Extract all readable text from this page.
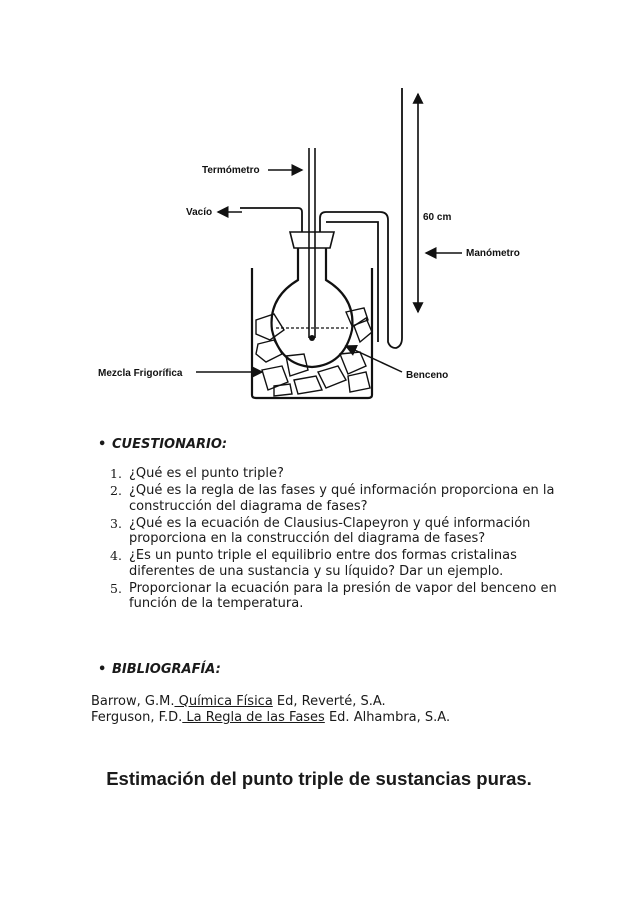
Termómetro
Vacío	60 cm
Manómetro
Mezcla Frigorífica	Benceno
• CUESTIONARIO:
1. ¿Qué es el punto triple?
2. ¿Qué es la regla de las fases y qué información proporciona en la construcción del diagrama de fases?
3. ¿Qué es la ecuación de Clausius-Clapeyron y qué información proporciona en la construcción del diagrama de fases?
4. ¿Es un punto triple el equilibrio entre dos formas cristalinas diferentes de una sustancia y su líquido? Dar un ejemplo.
5. Proporcionar la ecuación para la presión de vapor del benceno en función de la temperatura.
• BIBLIOGRAFÍA:
Barrow, G.M. Química Física Ed, Reverté, S.A.
Ferguson, F.D. La Regla de las Fases Ed. Alhambra, S.A.
Estimación del punto triple de sustancias puras.
